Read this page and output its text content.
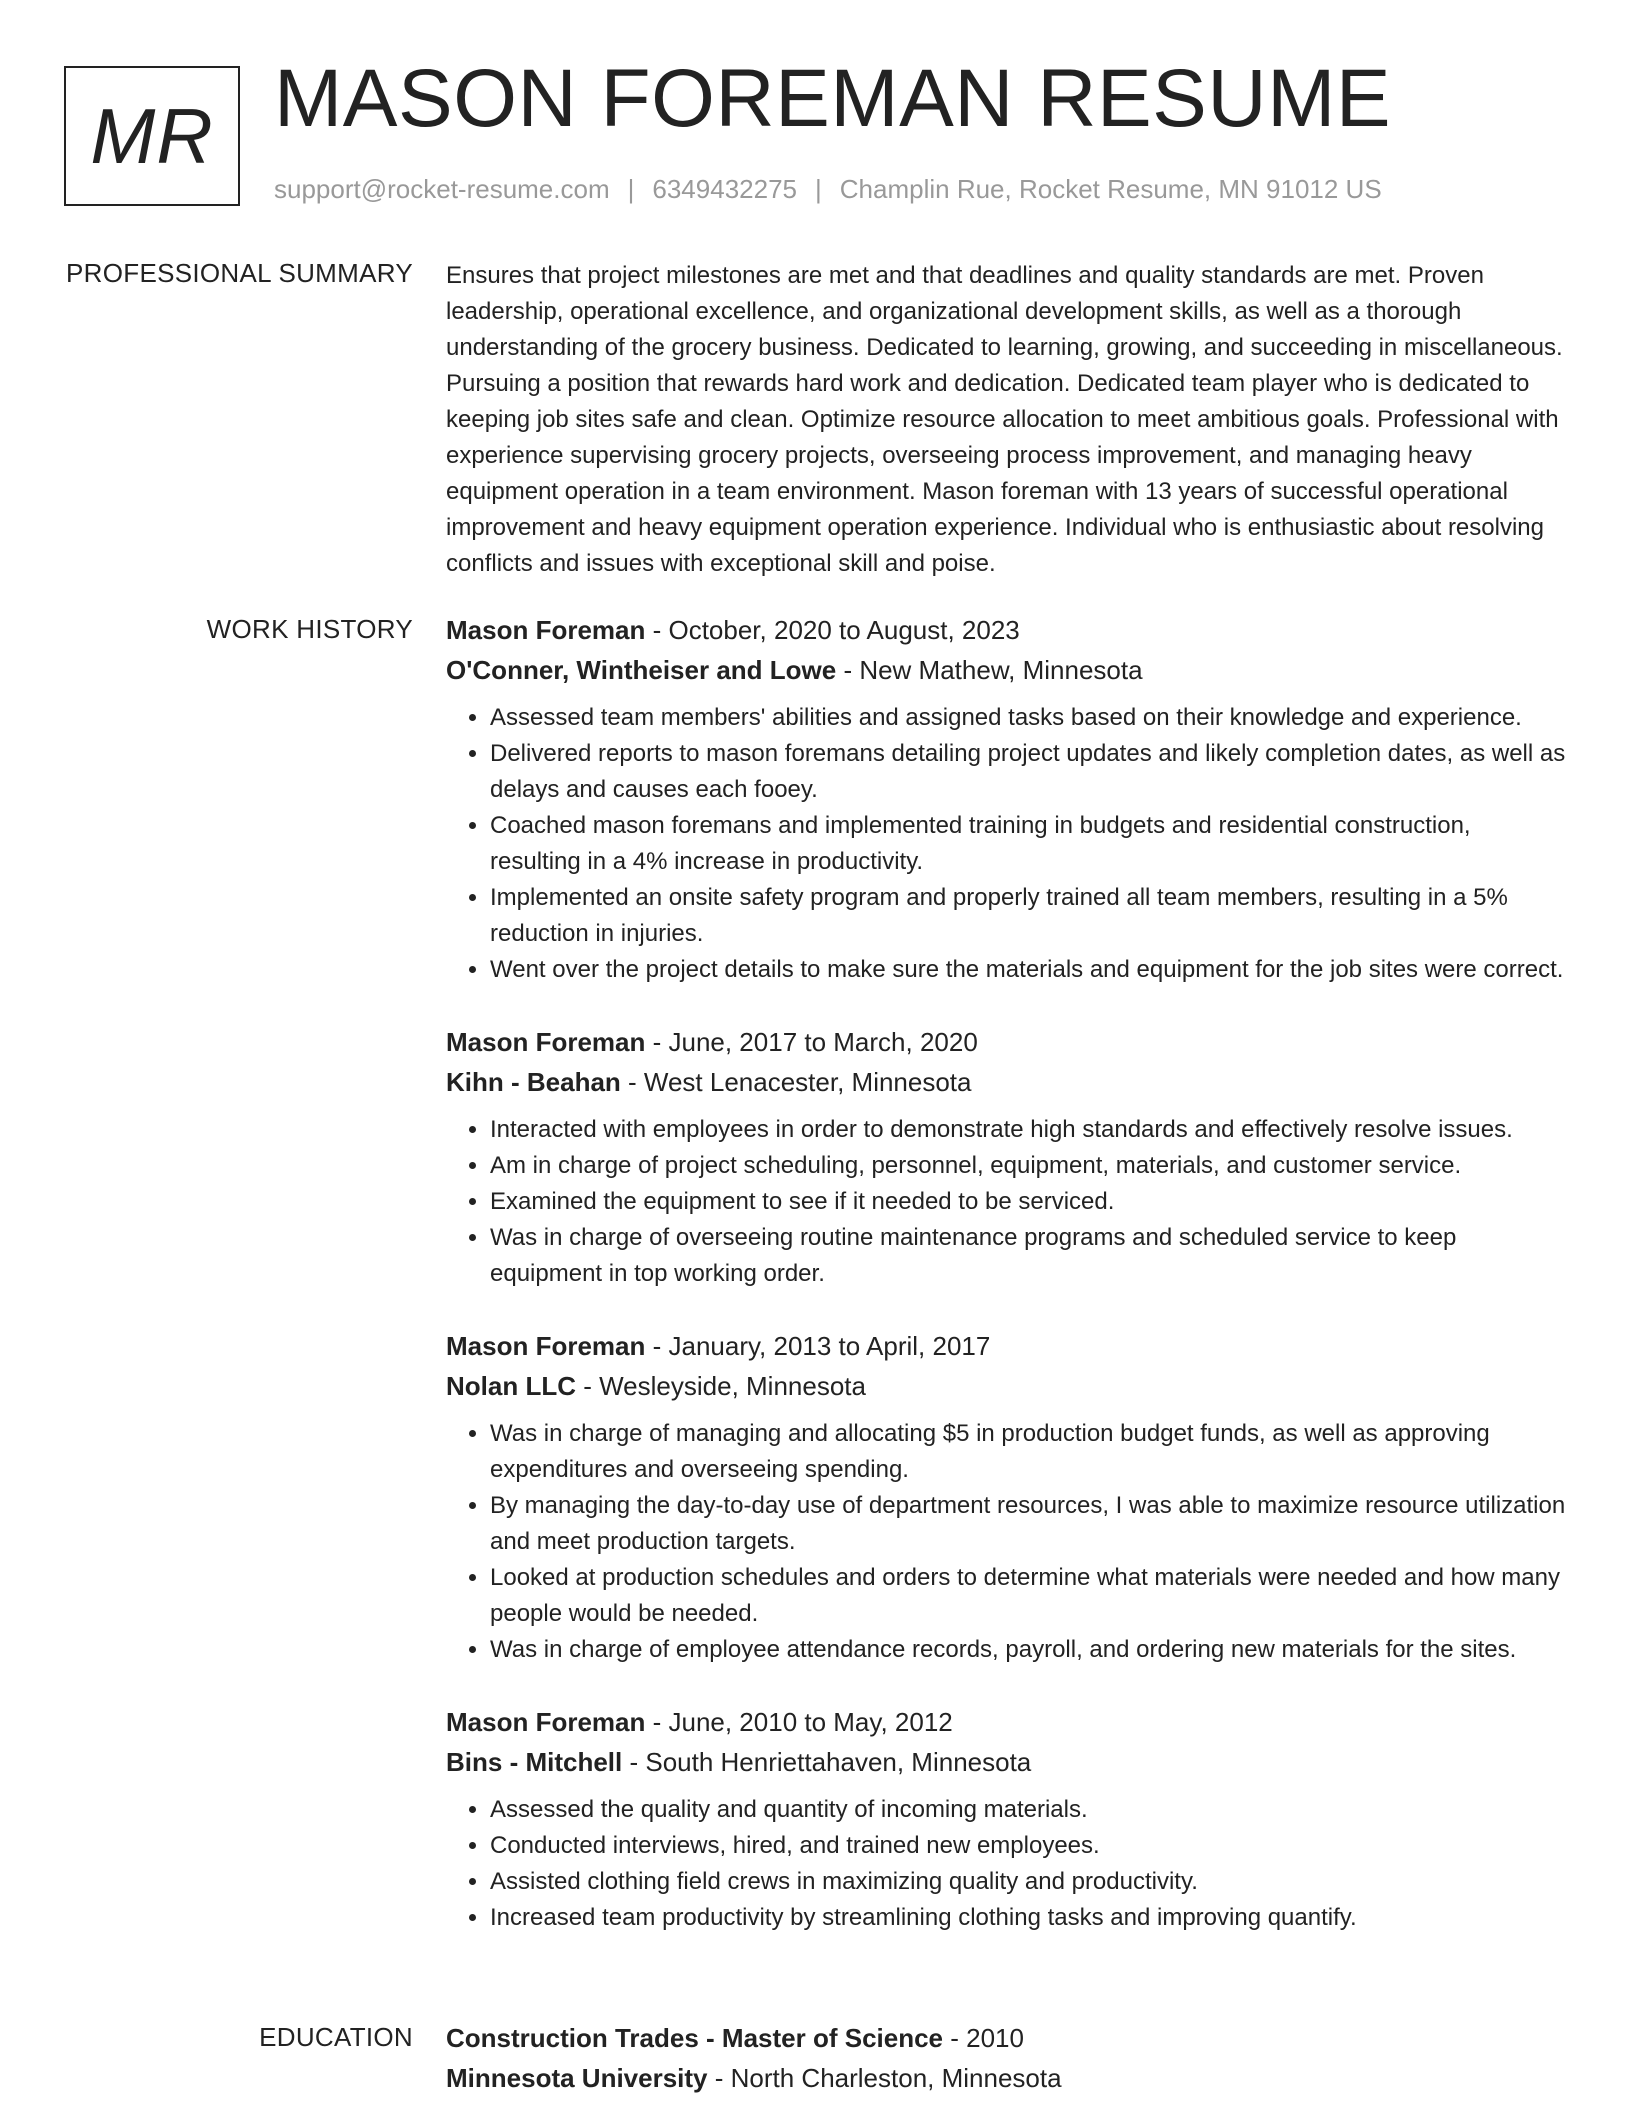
MR MASON FOREMAN RESUME
support@rocket-resume.com | 6349432275 | Champlin Rue, Rocket Resume, MN 91012 US
PROFESSIONAL SUMMARY Ensures that project milestones are met and that deadlines and quality standards are met. Proven leadership, operational excellence, and organizational development skills, as well as a thorough understanding of the grocery business. Dedicated to learning, growing, and succeeding in miscellaneous. Pursuing a position that rewards hard work and dedication. Dedicated team player who is dedicated to keeping job sites safe and clean. Optimize resource allocation to meet ambitious goals. Professional with experience supervising grocery projects, overseeing process improvement, and managing heavy equipment operation in a team environment. Mason foreman with 13 years of successful operational improvement and heavy equipment operation experience. Individual who is enthusiastic about resolving conflicts and issues with exceptional skill and poise.

WORK HISTORY Mason Foreman - October, 2020 to August, 2023
O'Conner, Wintheiser and Lowe - New Mathew, Minnesota
• Assessed team members' abilities and assigned tasks based on their knowledge and experience.
• Delivered reports to mason foremans detailing project updates and likely completion dates, as well as delays and causes each fooey.
• Coached mason foremans and implemented training in budgets and residential construction, resulting in a 4% increase in productivity.
• Implemented an onsite safety program and properly trained all team members, resulting in a 5% reduction in injuries.
• Went over the project details to make sure the materials and equipment for the job sites were correct.
Mason Foreman - June, 2017 to March, 2020
Kihn - Beahan - West Lenacester, Minnesota
• Interacted with employees in order to demonstrate high standards and effectively resolve issues.
• Am in charge of project scheduling, personnel, equipment, materials, and customer service.
• Examined the equipment to see if it needed to be serviced.
• Was in charge of overseeing routine maintenance programs and scheduled service to keep equipment in top working order.
Mason Foreman - January, 2013 to April, 2017
Nolan LLC - Wesleyside, Minnesota
• Was in charge of managing and allocating $5 in production budget funds, as well as approving expenditures and overseeing spending.
• By managing the day-to-day use of department resources, I was able to maximize resource utilization and meet production targets.
• Looked at production schedules and orders to determine what materials were needed and how many people would be needed.
• Was in charge of employee attendance records, payroll, and ordering new materials for the sites.
Mason Foreman - June, 2010 to May, 2012
Bins - Mitchell - South Henriettahaven, Minnesota
• Assessed the quality and quantity of incoming materials.
• Conducted interviews, hired, and trained new employees.
• Assisted clothing field crews in maximizing quality and productivity.
• Increased team productivity by streamlining clothing tasks and improving quantify.
EDUCATION Construction Trades - Master of Science - 2010
Minnesota University - North Charleston, Minnesota
